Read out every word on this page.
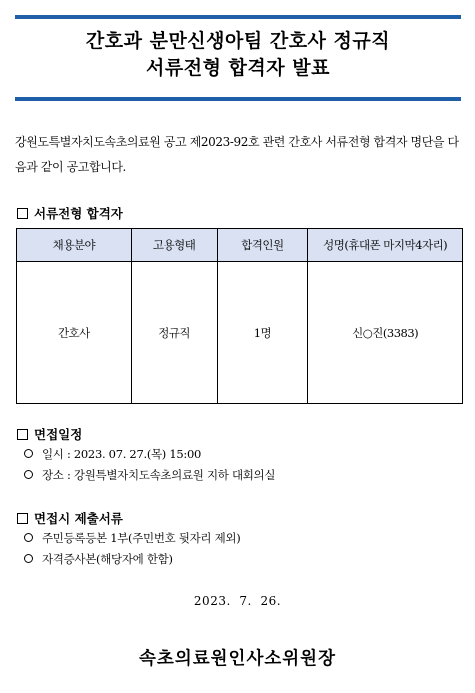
간호과 분만신생아팀 간호사 정규직
서류전형 합격자 발표

강원도특별자치도속초의료원 공고 제2023-92호 관련 간호사 서류전형 합격자 명단을 다음과 같이 공고합니다.

서류전형 합격자
채용분야	고용형태	합격인원	성명(휴대폰 마지막4자리)
간호사	정규직	1명	신○진(3383)
면접일정
일시 : 2023. 07. 27.(목) 15:00
장소 : 강원특별자치도속초의료원 지하 대회의실
면접시 제출서류
주민등록등본 1부(주민번호 뒷자리 제외)
자격증사본(해당자에 한함)
2023.  7.  26.
속초의료원인사소위원장
